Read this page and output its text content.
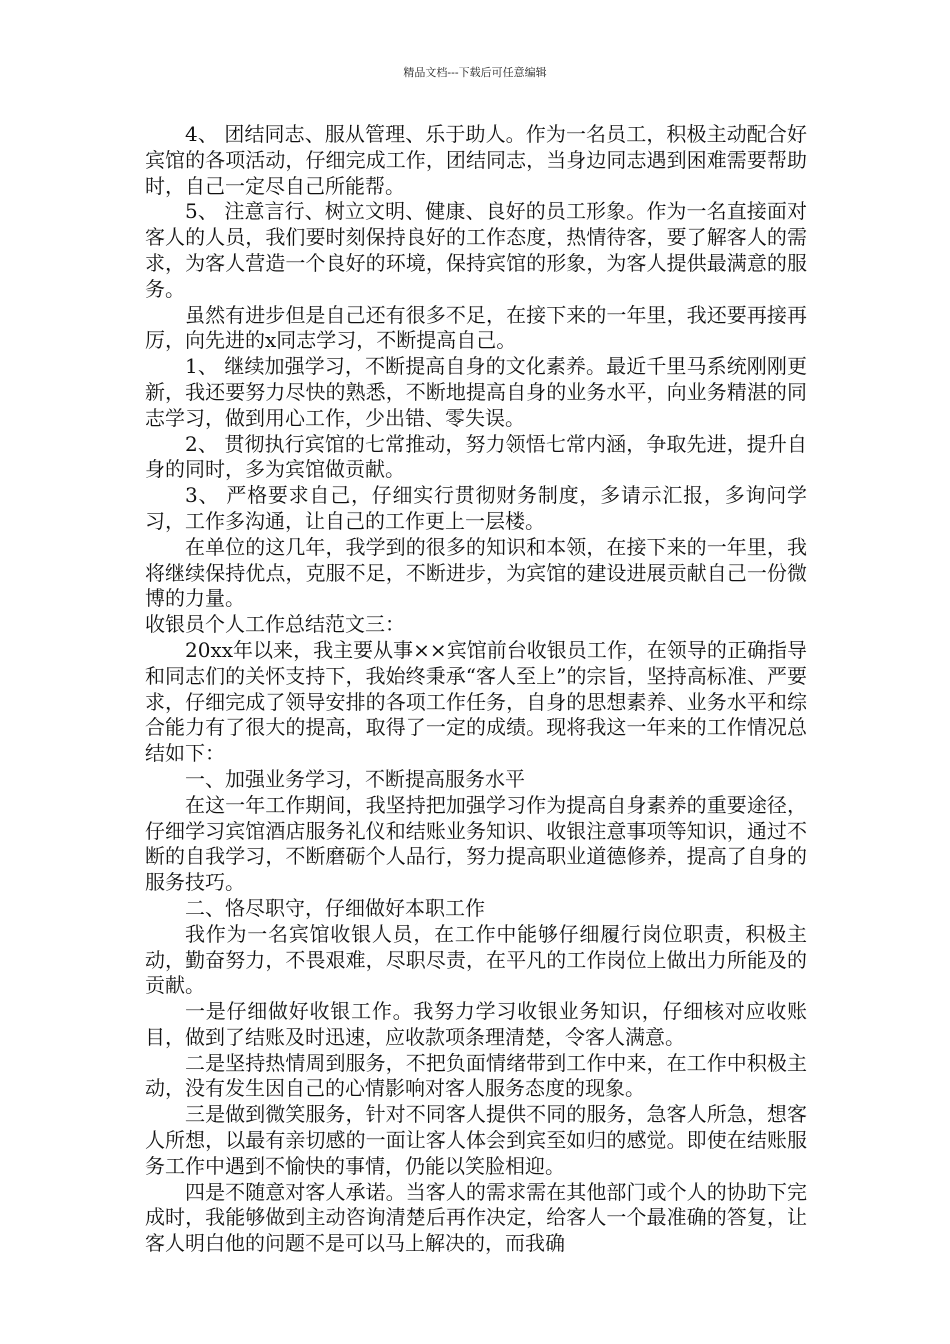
精品文档---下载后可任意编辑

4、 团结同志、服从管理、乐于助人。作为一名员工，积极主动配合好宾馆的各项活动，仔细完成工作，团结同志，当身边同志遇到困难需要帮助时，自己一定尽自己所能帮。

5、 注意言行、树立文明、健康、良好的员工形象。作为一名直接面对客人的人员，我们要时刻保持良好的工作态度，热情待客，要了解客人的需求，为客人营造一个良好的环境，保持宾馆的形象，为客人提供最满意的服务。

虽然有进步但是自己还有很多不足，在接下来的一年里，我还要再接再厉，向先进的x同志学习，不断提高自己。

1、 继续加强学习，不断提高自身的文化素养。最近千里马系统刚刚更新，我还要努力尽快的熟悉，不断地提高自身的业务水平，向业务精湛的同志学习，做到用心工作，少出错、零失误。

2、 贯彻执行宾馆的七常推动，努力领悟七常内涵，争取先进，提升自身的同时，多为宾馆做贡献。

3、 严格要求自己，仔细实行贯彻财务制度，多请示汇报，多询问学习，工作多沟通，让自己的工作更上一层楼。

在单位的这几年，我学到的很多的知识和本领，在接下来的一年里，我将继续保持优点，克服不足，不断进步，为宾馆的建设进展贡献自己一份微博的力量。

收银员个人工作总结范文三：

20xx年以来，我主要从事××宾馆前台收银员工作，在领导的正确指导和同志们的关怀支持下，我始终秉承“客人至上”的宗旨，坚持高标准、严要求，仔细完成了领导安排的各项工作任务，自身的思想素养、业务水平和综合能力有了很大的提高，取得了一定的成绩。现将我这一年来的工作情况总结如下：

一、加强业务学习，不断提高服务水平

在这一年工作期间，我坚持把加强学习作为提高自身素养的重要途径，仔细学习宾馆酒店服务礼仪和结账业务知识、收银注意事项等知识，通过不断的自我学习，不断磨砺个人品行，努力提高职业道德修养，提高了自身的服务技巧。

二、恪尽职守，仔细做好本职工作

我作为一名宾馆收银人员，在工作中能够仔细履行岗位职责，积极主动，勤奋努力，不畏艰难，尽职尽责，在平凡的工作岗位上做出力所能及的贡献。

一是仔细做好收银工作。我努力学习收银业务知识，仔细核对应收账目，做到了结账及时迅速，应收款项条理清楚，令客人满意。

二是坚持热情周到服务，不把负面情绪带到工作中来，在工作中积极主动，没有发生因自己的心情影响对客人服务态度的现象。

三是做到微笑服务，针对不同客人提供不同的服务，急客人所急，想客人所想，以最有亲切感的一面让客人体会到宾至如归的感觉。即使在结账服务工作中遇到不愉快的事情，仍能以笑脸相迎。

四是不随意对客人承诺。当客人的需求需在其他部门或个人的协助下完成时，我能够做到主动咨询清楚后再作决定，给客人一个最准确的答复，让客人明白他的问题不是可以马上解决的，而我确
